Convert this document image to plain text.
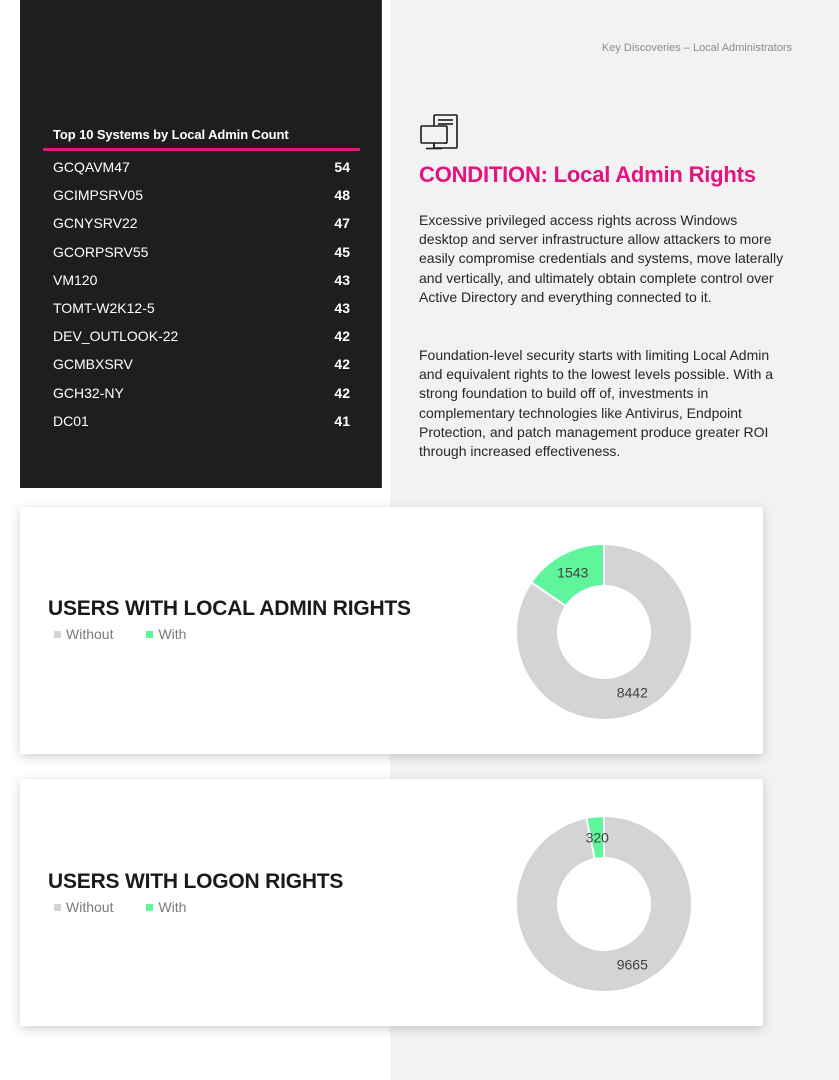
Key Discoveries – Local Administrators
Top 10 Systems by Local Admin Count
GCQAVM47	54
GCIMPSRV05	48
GCNYSRV22	47
GCORPSRV55	45
VM120	43
TOMT-W2K12-5	43
DEV_OUTLOOK-22	42
GCMBXSRV	42
GCH32-NY	42
DC01	41
CONDITION: Local Admin Rights

Excessive privileged access rights across Windows desktop and server infrastructure allow attackers to more easily compromise credentials and systems, move laterally and vertically, and ultimately obtain complete control over Active Directory and everything connected to it.

Foundation-level security starts with limiting Local Admin and equivalent rights to the lowest levels possible. With a strong foundation to build off of, investments in complementary technologies like Antivirus, Endpoint Protection, and patch management produce greater ROI through increased effectiveness.

USERS WITH LOCAL ADMIN RIGHTS
Without	With
8442
1543
USERS WITH LOGON RIGHTS
Without	With
9665
320
